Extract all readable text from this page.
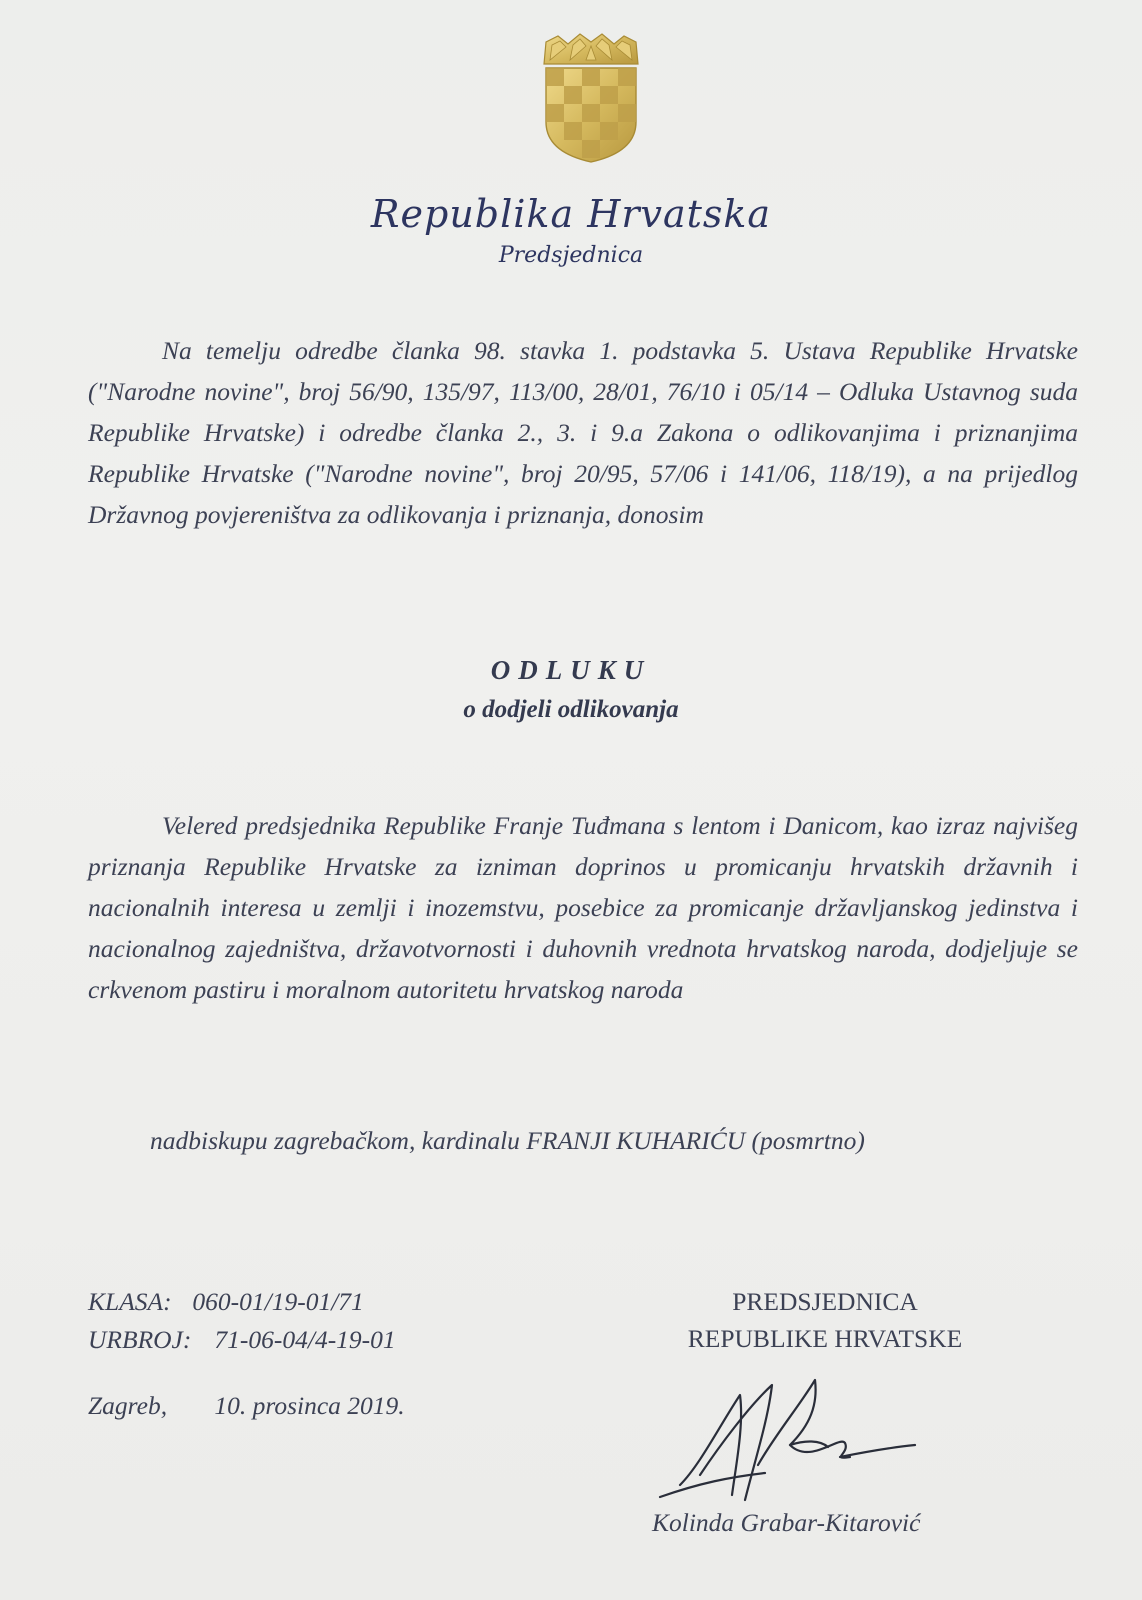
Republika Hrvatska
Predsjednica
Na temelju odredbe članka 98. stavka 1. podstavka 5. Ustava Republike Hrvatske ("Narodne novine", broj 56/90, 135/97, 113/00, 28/01, 76/10 i 05/14 – Odluka Ustavnog suda Republike Hrvatske) i odredbe članka 2., 3. i 9.a Zakona o odlikovanjima i priznanjima Republike Hrvatske ("Narodne novine", broj 20/95, 57/06 i 141/06, 118/19), a na prijedlog Državnog povjereništva za odlikovanja i priznanja, donosim
ODLUKU
o dodjeli odlikovanja
Velered predsjednika Republike Franje Tuđmana s lentom i Danicom, kao izraz najvišeg priznanja Republike Hrvatske za izniman doprinos u promicanju hrvatskih državnih i nacionalnih interesa u zemlji i inozemstvu, posebice za promicanje državljanskog jedinstva i nacionalnog zajedništva, državotvornosti i duhovnih vrednota hrvatskog naroda, dodjeljuje se crkvenom pastiru i moralnom autoritetu hrvatskog naroda
nadbiskupu zagrebačkom, kardinalu FRANJI KUHARIĆU (posmrtno)
KLASA: 060-01/19-01/71
URBROJ: 71-06-04/4-19-01
Zagreb, 10. prosinca 2019.
PREDSJEDNICA
REPUBLIKE HRVATSKE
Kolinda Grabar-Kitarović
